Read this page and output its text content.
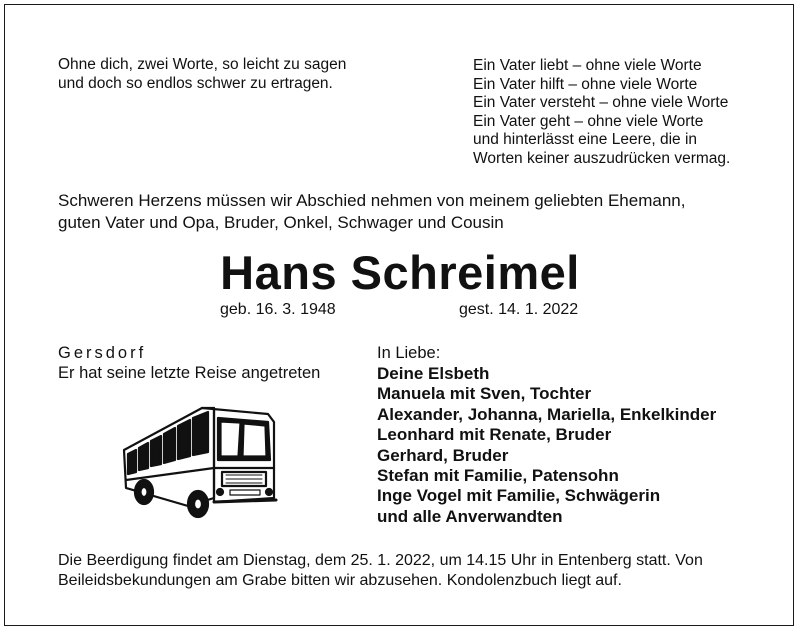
Ohne dich, zwei Worte, so leicht zu sagen
und doch so endlos schwer zu ertragen.
Ein Vater liebt – ohne viele Worte
Ein Vater hilft – ohne viele Worte
Ein Vater versteht – ohne viele Worte
Ein Vater geht – ohne viele Worte
und hinterlässt eine Leere, die in
Worten keiner auszudrücken vermag.
Schweren Herzens müssen wir Abschied nehmen von meinem geliebten Ehemann,
guten Vater und Opa, Bruder, Onkel, Schwager und Cousin
Hans Schreimel
geb. 16. 3. 1948	gest. 14. 1. 2022
Gersdorf
Er hat seine letzte Reise angetreten
In Liebe:
Deine Elsbeth
Manuela mit Sven, Tochter
Alexander, Johanna, Mariella, Enkelkinder
Leonhard mit Renate, Bruder
Gerhard, Bruder
Stefan mit Familie, Patensohn
Inge Vogel mit Familie, Schwägerin
und alle Anverwandten
Die Beerdigung findet am Dienstag, dem 25. 1. 2022, um 14.15 Uhr in Entenberg statt. Von
Beileidsbekundungen am Grabe bitten wir abzusehen. Kondolenzbuch liegt auf.
